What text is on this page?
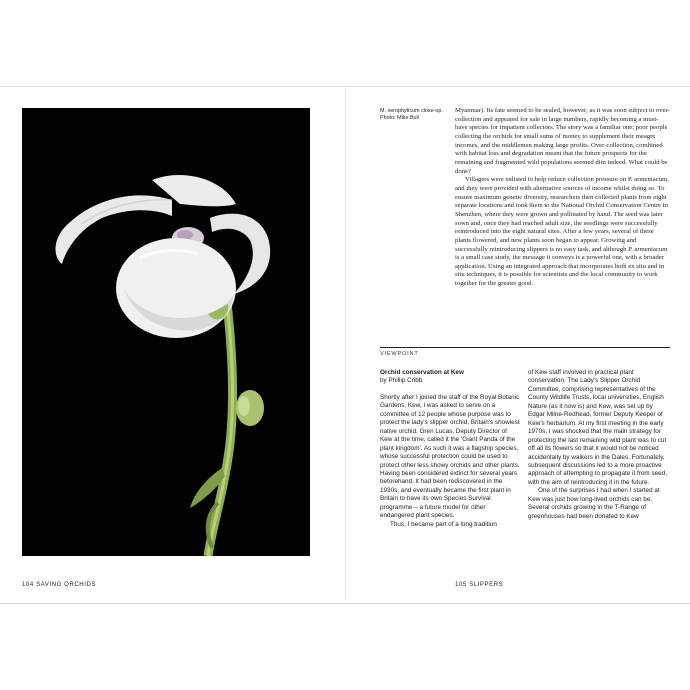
104 SAVING ORCHIDS
M. xerophyticum close-up. Photo: Mike Bull

Myanmar). Its fate seemed to be sealed, however, as it was soon subject to over-collection and appeared for sale in large numbers, rapidly becoming a must-have species for impatient collectors. The story was a familiar one; poor people collecting the orchids for small sums of money to supplement their meagre incomes, and the middlemen making large profits. Over-collection, combined with habitat loss and degradation meant that the future prospects for the remaining and fragmented wild populations seemed dim indeed. What could be done?

Villagers were enlisted to help reduce collection pressure on P. armeniacum, and they were provided with alternative sources of income whilst doing so. To ensure maximum genetic diversity, researchers then collected plants from eight separate locations and took them to the National Orchid Conservation Centre in Shenzhen, where they were grown and pollinated by hand. The seed was later sown and, once they had reached adult size, the seedlings were successfully reintroduced into the eight natural sites. After a few years, several of these plants flowered, and new plants soon began to appear. Growing and successfully reintroducing slippers is no easy task, and although P. armeniacum is a small case study, the message it conveys is a powerful one, with a broader application. Using an integrated approach that incorporates both ex situ and in situ techniques, it is possible for scientists and the local community to work together for the greater good.

VIEWPOINT

Orchid conservation at Kew

by Phillip Cribb

Shortly after I joined the staff of the Royal Botanic Gardens, Kew, I was asked to serve on a committee of 12 people whose purpose was to protect the lady's slipper orchid, Britain's showiest native orchid. Gren Lucas, Deputy Director of Kew at the time, called it the 'Giant Panda of the plant kingdom'. As such it was a flagship species, whose successful protection could be used to protect other less showy orchids and other plants. Having been considered extinct for several years beforehand, it had been rediscovered in the 1930s, and eventually became the first plant in Britain to have its own Species Survival programme – a future model for other endangered plant species.

Thus, I became part of a long tradition

of Kew staff involved in practical plant conservation. The Lady's Slipper Orchid Committee, comprising representatives of the County Wildlife Trusts, local universities, English Nature (as it now is) and Kew, was set up by Edgar Milne-Redhead, former Deputy Keeper of Kew's herbarium. At my first meeting in the early 1970s, I was shocked that the main strategy for protecting the last remaining wild plant was to cut off all its flowers so that it would not be noticed accidentally by walkers in the Dales. Fortunately, subsequent discussions led to a more proactive approach of attempting to propagate it from seed, with the aim of reintroducing it in the future.

One of the surprises I had when I started at Kew was just how long-lived orchids can be. Several orchids growing in the T-Range of greenhouses had been donated to Kew

105 SLIPPERS
